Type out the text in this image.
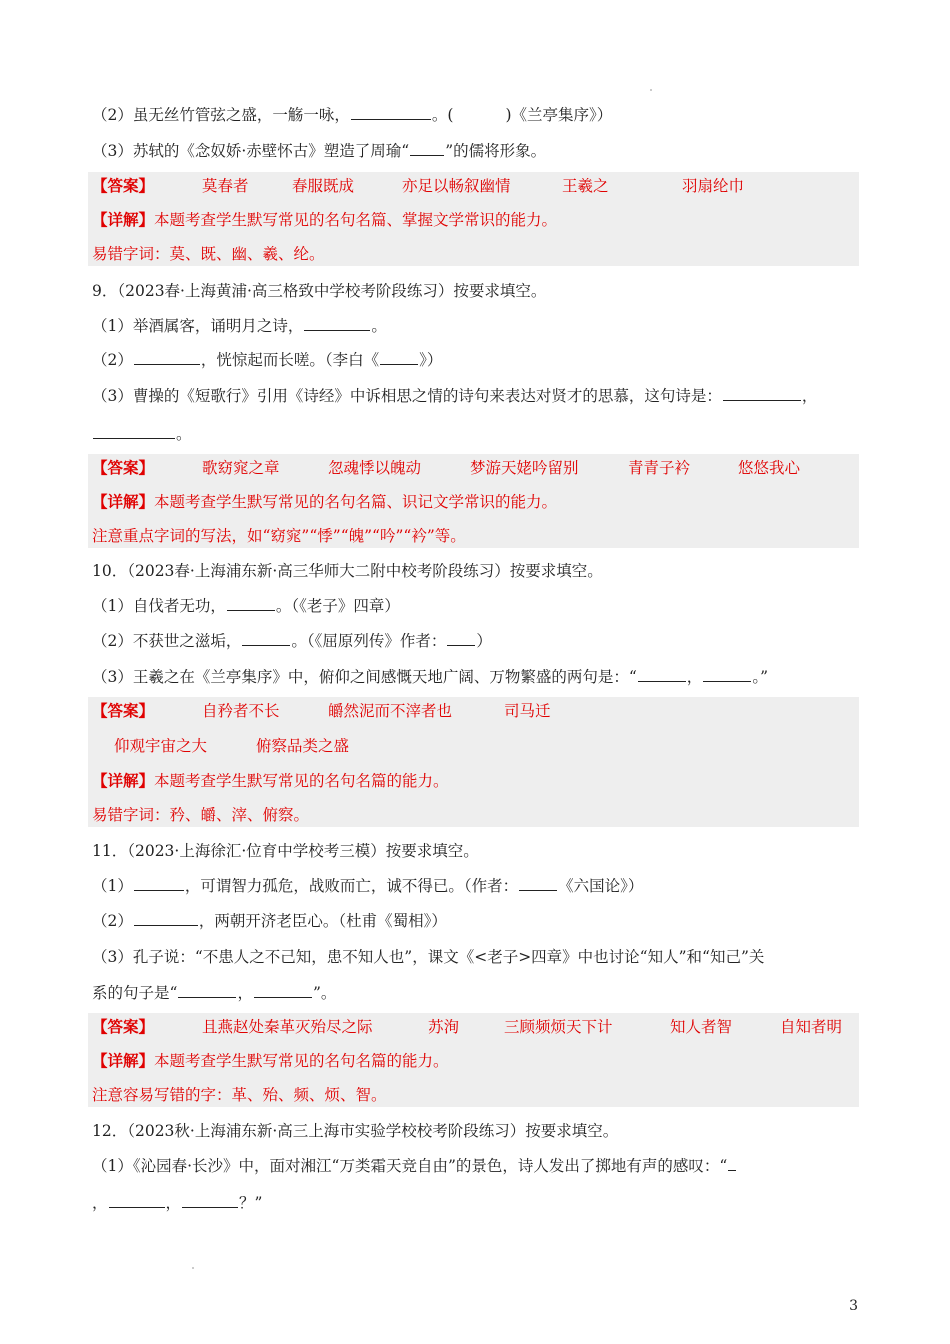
（2）虽无丝竹管弦之盛，一觞一咏，	。(	)《兰亭集序》）
（3）苏轼的《念奴娇·赤壁怀古》塑造了周瑜“ ”的儒将形象。
【答案】	莫春者	春服既成	亦足以畅叙幽情	王羲之	羽扇纶巾
【详解】本题考查学生默写常见的名句名篇、掌握文学常识的能力。
易错字词：莫、既、幽、羲、纶。
9．（2023春·上海黄浦·高三格致中学校考阶段练习）按要求填空。
（1）举酒属客，诵明月之诗，	。
（2）	，恍惊起而长嗟。（李白《	》）
（3）曹操的《短歌行》引用《诗经》中诉相思之情的诗句来表达对贤才的思慕，这句诗是：	，
。
【答案】	歌窈窕之章	忽魂悸以魄动	梦游天姥吟留别	青青子衿	悠悠我心
【详解】本题考查学生默写常见的名句名篇、识记文学常识的能力。
注意重点字词的写法，如“窈窕”“悸”“魄”“吟”“衿”等。
10．（2023春·上海浦东新·高三华师大二附中校考阶段练习）按要求填空。
（1）自伐者无功，	。（《老子》四章）
（2）不获世之滋垢，	。（《屈原列传》作者： ）
（3）王羲之在《兰亭集序》中，俯仰之间感慨天地广阔、万物繁盛的两句是：“	，	。”
【答案】	自矜者不长	皭然泥而不滓者也	司马迁
仰观宇宙之大	俯察品类之盛
【详解】本题考查学生默写常见的名句名篇的能力。
易错字词：矜、皭、滓、俯察。
11．（2023·上海徐汇·位育中学校考三模）按要求填空。
（1）	，可谓智力孤危，战败而亡，诚不得已。（作者：	《六国论》）
（2）	，两朝开济老臣心。（杜甫《蜀相》）
（3）孔子说：“不患人之不己知，患不知人也”，课文《<老子>四章》中也讨论“知人”和“知己”关
系的句子是“	，	”。
【答案】	且燕赵处秦革灭殆尽之际	苏洵	三顾频烦天下计	知人者智	自知者明
【详解】本题考查学生默写常见的名句名篇的能力。
注意容易写错的字：革、殆、频、烦、智。
12．（2023秋·上海浦东新·高三上海市实验学校校考阶段练习）按要求填空。
（1）《沁园春·长沙》中，面对湘江“万类霜天竞自由”的景色，诗人发出了掷地有声的感叹：“
，	，	？”
3
